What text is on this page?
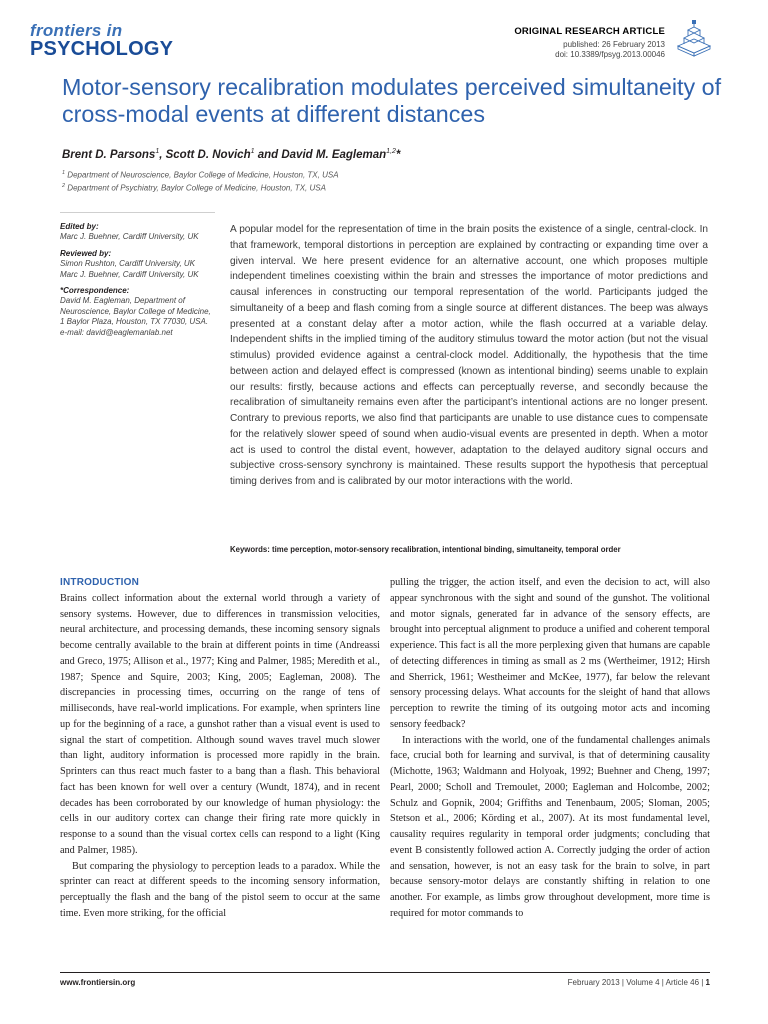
frontiers in
PSYCHOLOGY
ORIGINAL RESEARCH ARTICLE
published: 26 February 2013
doi: 10.3389/fpsyg.2013.00046
Motor-sensory recalibration modulates perceived simultaneity of cross-modal events at different distances
Brent D. Parsons$^1$, Scott D. Novich$^1$ and David M. Eagleman$^{1,2}$*
$^1$ Department of Neuroscience, Baylor College of Medicine, Houston, TX, USA
$^2$ Department of Psychiatry, Baylor College of Medicine, Houston, TX, USA
Edited by:
Marc J. Buehner, Cardiff University, UK
Reviewed by:
Simon Rushton, Cardiff University, UK
Marc J. Buehner, Cardiff University, UK
*Correspondence:
David M. Eagleman, Department of Neuroscience, Baylor College of Medicine, 1 Baylor Plaza, Houston, TX 77030, USA.
e-mail: david@eaglemanlab.net

A popular model for the representation of time in the brain posits the existence of a single, central-clock. In that framework, temporal distortions in perception are explained by contracting or expanding time over a given interval. We here present evidence for an alternative account, one which proposes multiple independent timelines coexisting within the brain and stresses the importance of motor predictions and causal inferences in constructing our temporal representation of the world. Participants judged the simultaneity of a beep and flash coming from a single source at different distances. The beep was always presented at a constant delay after a motor action, while the flash occurred at a variable delay. Independent shifts in the implied timing of the auditory stimulus toward the motor action (but not the visual stimulus) provided evidence against a central-clock model. Additionally, the hypothesis that the time between action and delayed effect is compressed (known as intentional binding) seems unable to explain our results: firstly, because actions and effects can perceptually reverse, and secondly because the recalibration of simultaneity remains even after the participant’s intentional actions are no longer present. Contrary to previous reports, we also find that participants are unable to use distance cues to compensate for the relatively slower speed of sound when audio-visual events are presented in depth. When a motor act is used to control the distal event, however, adaptation to the delayed auditory signal occurs and subjective cross-sensory synchrony is maintained. These results support the hypothesis that perceptual timing derives from and is calibrated by our motor interactions with the world.

Keywords: time perception, motor-sensory recalibration, intentional binding, simultaneity, temporal order
INTRODUCTION

Brains collect information about the external world through a variety of sensory systems. However, due to differences in transmission velocities, neural architecture, and processing demands, these incoming sensory signals become centrally available to the brain at different points in time (Andreassi and Greco, 1975; Allison et al., 1977; King and Palmer, 1985; Meredith et al., 1987; Spence and Squire, 2003; King, 2005; Eagleman, 2008). The discrepancies in processing times, occurring on the range of tens of milliseconds, have real-world implications. For example, when sprinters line up for the beginning of a race, a gunshot rather than a visual event is used to signal the start of competition. Although sound waves travel much slower than light, auditory information is processed more rapidly in the brain. Sprinters can thus react much faster to a bang than a flash. This behavioral fact has been known for well over a century (Wundt, 1874), and in recent decades has been corroborated by our knowledge of human physiology: the cells in our auditory cortex can change their firing rate more quickly in response to a sound than the visual cortex cells can respond to a light (King and Palmer, 1985).

But comparing the physiology to perception leads to a paradox. While the sprinter can react at different speeds to the incoming sensory information, perceptually the flash and the bang of the pistol seem to occur at the same time. Even more striking, for the official

pulling the trigger, the action itself, and even the decision to act, will also appear synchronous with the sight and sound of the gunshot. The volitional and motor signals, generated far in advance of the sensory effects, are brought into perceptual alignment to produce a unified and coherent temporal experience. This fact is all the more perplexing given that humans are capable of detecting differences in timing as small as 2 ms (Wertheimer, 1912; Hirsh and Sherrick, 1961; Westheimer and McKee, 1977), far below the relevant sensory processing delays. What accounts for the sleight of hand that allows perception to rewrite the timing of its outgoing motor acts and incoming sensory feedback?

In interactions with the world, one of the fundamental challenges animals face, crucial both for learning and survival, is that of determining causality (Michotte, 1963; Waldmann and Holyoak, 1992; Buehner and Cheng, 1997; Pearl, 2000; Scholl and Tremoulet, 2000; Eagleman and Holcombe, 2002; Schulz and Gopnik, 2004; Griffiths and Tenenbaum, 2005; Sloman, 2005; Stetson et al., 2006; Körding et al., 2007). At its most fundamental level, causality requires regularity in temporal order judgments; concluding that event B consistently followed action A. Correctly judging the order of action and sensation, however, is not an easy task for the brain to solve, in part because sensory-motor delays are constantly shifting in relation to one another. For example, as limbs grow throughout development, more time is required for motor commands to

www.frontiersin.org	February 2013 | Volume 4 | Article 46 | 1
